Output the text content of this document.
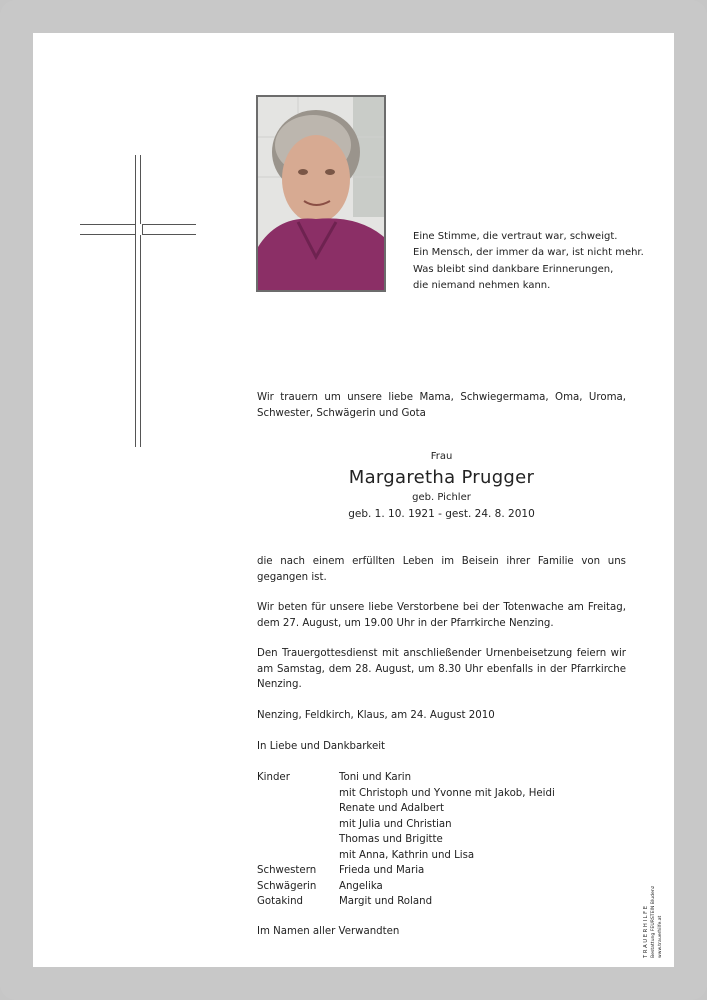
Eine Stimme, die vertraut war, schweigt.
Ein Mensch, der immer da war, ist nicht mehr.
Was bleibt sind dankbare Erinnerungen,
die niemand nehmen kann.
Wir trauern um unsere liebe Mama, Schwiegermama, Oma, Uroma, Schwester, Schwägerin und Gota
Frau
Margaretha Prugger
geb. Pichler
geb. 1. 10. 1921 - gest. 24. 8. 2010
die nach einem erfüllten Leben im Beisein ihrer Familie von uns gegangen ist.
Wir beten für unsere liebe Verstorbene bei der Totenwache am Freitag, dem 27. August, um 19.00 Uhr in der Pfarrkirche Nenzing.
Den Trauergottesdienst mit anschließender Urnenbeisetzung feiern wir am Samstag, dem 28. August, um 8.30 Uhr ebenfalls in der Pfarrkirche Nenzing.
Nenzing, Feldkirch, Klaus, am 24. August 2010
In Liebe und Dankbarkeit
Kinder	Toni und Karin
mit Christoph und Yvonne mit Jakob, Heidi
Renate und Adalbert
mit Julia und Christian
Thomas und Brigitte
mit Anna, Kathrin und Lisa
Schwestern	Frieda und Maria
Schwägerin	Angelika
Gotakind	Margit und Roland
Im Namen aller Verwandten	T R A U E R H I L F E Bestattung FEURSTEIN Bludenz www.trauerhilfe.at
